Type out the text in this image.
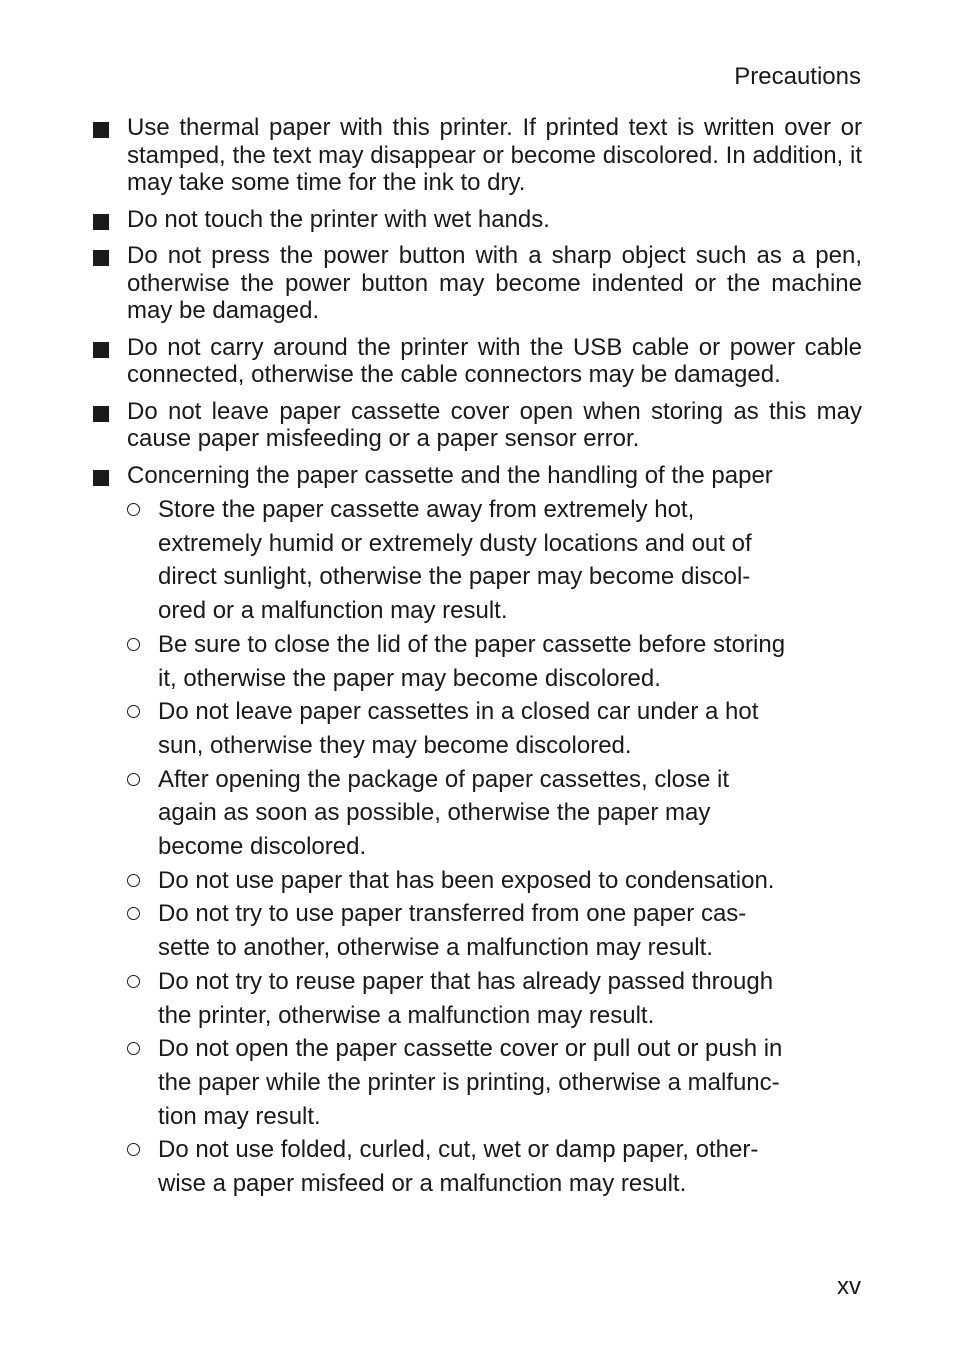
Precautions
Use thermal paper with this printer. If printed text is written over or stamped, the text may disappear or become discolored. In addition, it may take some time for the ink to dry.
Do not touch the printer with wet hands.
Do not press the power button with a sharp object such as a pen, otherwise the power button may become indented or the machine may be damaged.
Do not carry around the printer with the USB cable or power cable connected, otherwise the cable connectors may be damaged.
Do not leave paper cassette cover open when storing as this may cause paper misfeeding or a paper sensor error.
Concerning the paper cassette and the handling of the paper
Store the paper cassette away from extremely hot,
extremely humid or extremely dusty locations and out of
direct sunlight, otherwise the paper may become discol-
ored or a malfunction may result.
Be sure to close the lid of the paper cassette before storing
it, otherwise the paper may become discolored.
Do not leave paper cassettes in a closed car under a hot
sun, otherwise they may become discolored.
After opening the package of paper cassettes, close it
again as soon as possible, otherwise the paper may
become discolored.
Do not use paper that has been exposed to condensation.
Do not try to use paper transferred from one paper cas-
sette to another, otherwise a malfunction may result.
Do not try to reuse paper that has already passed through
the printer, otherwise a malfunction may result.
Do not open the paper cassette cover or pull out or push in
the paper while the printer is printing, otherwise a malfunc-
tion may result.
Do not use folded, curled, cut, wet or damp paper, other-
wise a paper misfeed or a malfunction may result.
xv
